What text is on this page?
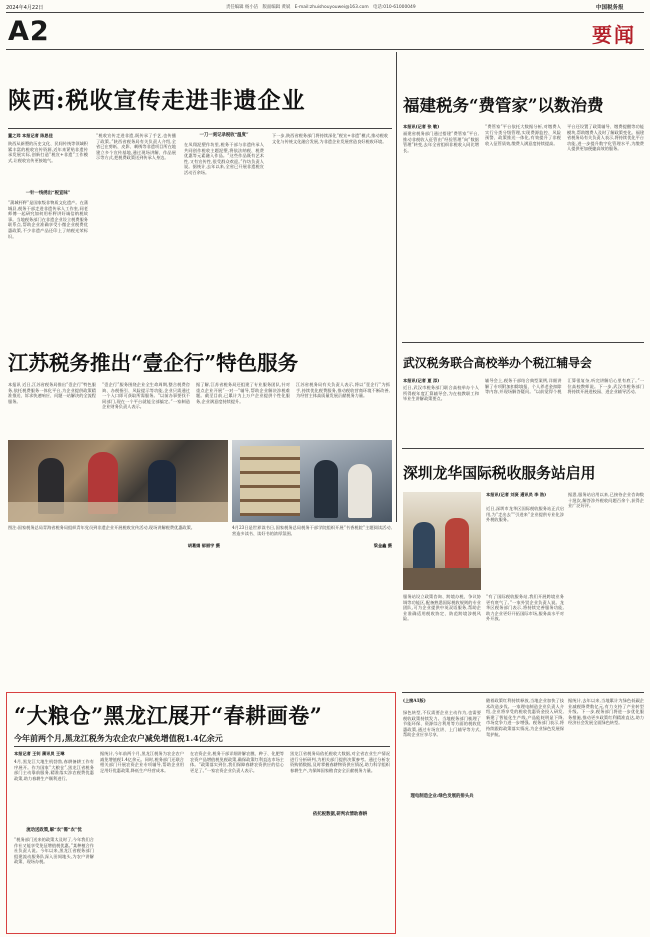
2024年4月22日	责任编辑 杨小洁　版面编辑 黄斌　E-mail:zhuishouyouwei@163.com　电话:010-61000049	中国税务报
A2	要闻
陕西:税收宣传走进非遗企业
董之玮 本报记者 陈思佳
陕西从新塑的历史文化、民间传统等领域积累丰富的税收宣传资源,近年来紧贴非遗传承发展实际,创新打造“税宣+非遗”工作模式,让税收宣传更接地气。
一针一线绣出“税宣味”
“蒲城杆秤”是国家级非物质文化遗产。在蒲城县,税务干部走进非遗传承人工作室,同老师傅一起研究如何用杆秤讲好诚信纳税故事。当地税务部门在非遗企业设立税费服务联系点,帮助企业准确享受小微企业税费优惠政策,不少非遗产品还印上了纳税光荣标识。
“税收宣传走进非遗,既传承了手艺,也传播了政策。”陕西省税务局有关负责人介绍,全省已在剪纸、皮影、刺绣等非遗项目所在地建立多个宣传基地,通过现场讲解、作品展示等方式,把税费政策送到传承人身边。
一刀一刻记录税收“温度”
在凤翔泥塑作坊里,税务干部与非遗传承人共同创作税收主题泥塑,将依法纳税、税费优惠等元素融入作品。“这些作品既有艺术性,又有宣传性,很受群众欢迎。”作坊负责人说。据统计,去年以来,全省已开展非遗税宣活动百余场。
下一步,陕西省税务部门将持续深化“税宣+非遗”模式,推动税收文化与传统文化融合发展,为非遗企业发展营造良好税收环境。
福建税务“费管家”以数治费
本报讯(记者 张 敏)
福建省税务部门通过搭建“费管家”平台,推动非税收入征管由“经验管理”向“数据管理”转变,去年全省组织非税收入同比增长。
“费管家”平台依托大数据分析,对缴费人实行分类分级管理,实现费源监控、风险预警、政策推送一体化,有效提升了非税收入征管质效,缴费人满意度持续提高。
平台还设置了政策辅导、缴费提醒等功能模块,帮助缴费人及时了解政策变化。福建省税务局有关负责人表示,将持续优化平台功能,进一步提升数字化管理水平,为缴费人提供更加便捷高效的服务。
武汉税务联合高校举办个税江辅导会
本报讯(记者 夏 添)
近日,武汉市税务部门联合高校举办个人所得税年度汇算辅导会,为在校教职工和毕业生讲解政策要点。
辅导会上,税务干部结合典型案例,详细讲解了专项附加扣除填报、个人养老金扣除等内容,并现场解答疑问。“以前觉得个税汇算很复杂,听完讲解后心里有底了。”一位高校教师说。下一步,武汉市税务部门将持续开展进校园、进企业辅导活动。
江苏税务推出“壹企行”特色服务
本报讯 近日,江苏省税务局推出“壹企行”特色服务,依托税费服务一体化平台,为企业提供政策精准推送、诉求快速响应、问题一站解决的全流程服务。
“壹企行”服务围绕企业全生命周期,整合税费咨询、办税指引、风险提示等功能,企业只需通过一个入口即可获取所需服务。“以前办事要找不同部门,现在一个平台就能全部搞定。”一家制造企业财务负责人表示。
据了解,江苏省税务局还组建了专业服务团队,针对重点企业开展“一对一”辅导,帮助企业解决涉税难题。截至目前,已累计为上万户企业提供个性化服务,企业满意度持续提升。
江苏省税务局有关负责人表示,将以“壹企行”为抓手,持续优化税费服务,推动税收营商环境不断改善,为经营主体高质量发展贡献税务力量。
图注:国家税务总局青海省税务局组织青年党员到非遗企业开展税收宣传活动,现场讲解税费优惠政策。
胡葛娟 郁丽宇 摄
4月23日是世界读书日,国家税务总局税务干部学院组织开展“书香税院”主题阅读活动,营造多读书、读好书的浓厚氛围。
梁金鑫 摄
深圳龙华国际税收服务站启用
本报讯(记者 刘贤 通讯员 李 浩)
近日,深圳市龙华区国际税收服务站正式启用,为“走出去”“引进来”企业提供专业化涉外税收服务。
服务站设立政策咨询、跨境办税、争议协调等功能区,配备熟悉国际税收规则的专业团队,可为企业提供中英双语服务,帮助企业准确适用税收协定、防范跨境涉税风险。
“有了国际税收服务站,我们开展跨境业务更有底气了。”一家外贸企业负责人说。龙华区税务部门表示,将持续完善服务功能,助力企业更好开拓国际市场,服务高水平对外开放。
据悉,服务站启用以来,已接待企业咨询数十批次,解答涉外税收问题百余个,获得企业广泛好评。
“大粮仓”黑龙江展开“春耕画卷”
今年前两个月,黑龙江税务为农企农户减免增值税1.4亿余元
本报记者 王钊 蒲讯员 王琳
4月,黑龙江大地生机勃勃,春耕备耕工作有序展开。作为国家“大粮仓”,黑龙江省税务部门主动靠前服务,精准落实涉农税费优惠政策,助力春耕生产顺利进行。
流动送政策,解“农”需“农”忧
“税务部门送来的政策太及时了,今年我们合作社又能享受免征增值税优惠。”某种植合作社负责人说。今年以来,黑龙江省税务部门组建流动服务队深入田间地头,为农户讲解政策、现场办税。
据统计,今年前两个月,黑龙江税务为农企农户减免增值税1.4亿余元。同时,税务部门还联合相关部门开展农资企业专项辅导,帮助企业用足用好优惠政策,降低生产经营成本。
在农资企业,税务干部详细讲解农膜、种子、化肥等农资产品增值税免税政策,确保政策红利直达市场主体。“政策落实到位,我们保障春耕农资供应的信心更足了。”一家农资企业负责人表示。
依托税数据,研判农情助春耕
黑龙江省税务局依托税收大数据,对全省农业生产情况进行分析研判,为相关部门提供决策参考。通过分析农资购销数据,及时掌握春耕物资供应情况,助力科学组织春耕生产,为保障国家粮食安全贡献税务力量。
(上接A1版)
绿色转型,不仅需要企业主动作为,也需要税收政策持续发力。当地税务部门梳理了节能环保、资源综合利用等方面的税收优惠政策,通过专场宣讲、上门辅导等方式,帮助企业应享尽享。
理电制造企业:绿色发展的排头兵
随着政策红利持续释放,当地企业加快了技术改造步伐。一家理电制造企业负责人介绍,企业将享受的税收优惠资金投入研发,新建了智能化生产线,产品能耗明显下降,市场竞争力进一步增强。税务部门表示,将持续跟踪政策落实情况,为企业绿色发展保驾护航。
据统计,去年以来,当地累计为绿色低碳企业减税降费数亿元,有力支持了产业转型升级。下一步,税务部门将进一步优化服务措施,推动更多政策红利精准直达,助力经济社会发展全面绿色转型。
